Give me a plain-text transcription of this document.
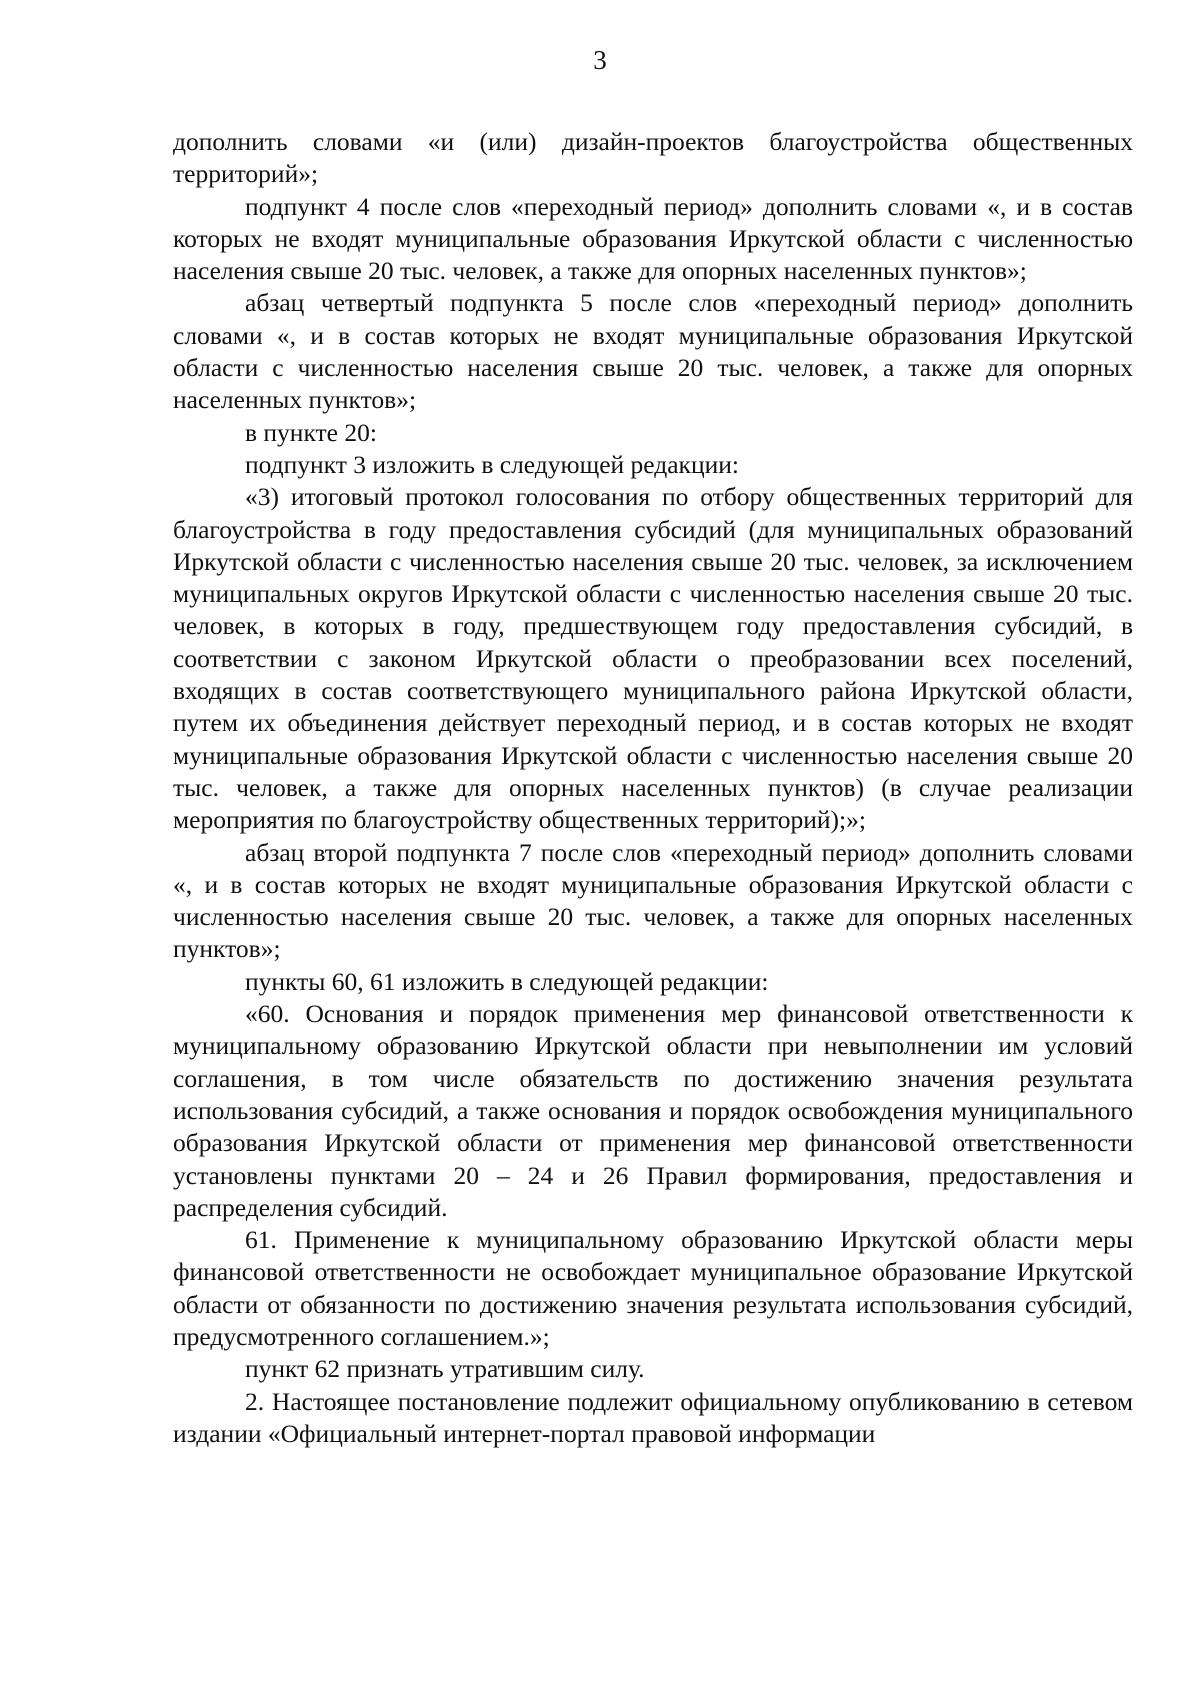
3

дополнить словами «и (или) дизайн-проектов благоустройства общественных территорий»;

подпункт 4 после слов «переходный период» дополнить словами «, и в состав которых не входят муниципальные образования Иркутской области с численностью населения свыше 20 тыс. человек, а также для опорных населенных пунктов»;

абзац четвертый подпункта 5 после слов «переходный период» дополнить словами «, и в состав которых не входят муниципальные образования Иркутской области с численностью населения свыше 20 тыс. человек, а также для опорных населенных пунктов»;

в пункте 20:

подпункт 3 изложить в следующей редакции:

«3) итоговый протокол голосования по отбору общественных территорий для благоустройства в году предоставления субсидий (для муниципальных образований Иркутской области с численностью населения свыше 20 тыс. человек, за исключением муниципальных округов Иркутской области с численностью населения свыше 20 тыс. человек, в которых в году, предшествующем году предоставления субсидий, в соответствии с законом Иркутской области о преобразовании всех поселений, входящих в состав соответствующего муниципального района Иркутской области, путем их объединения действует переходный период, и в состав которых не входят муниципальные образования Иркутской области с численностью населения свыше 20 тыс. человек, а также для опорных населенных пунктов) (в случае реализации мероприятия по благоустройству общественных территорий);»;

абзац второй подпункта 7 после слов «переходный период» дополнить словами «, и в состав которых не входят муниципальные образования Иркутской области с численностью населения свыше 20 тыс. человек, а также для опорных населенных пунктов»;

пункты 60, 61 изложить в следующей редакции:

«60. Основания и порядок применения мер финансовой ответственности к муниципальному образованию Иркутской области при невыполнении им условий соглашения, в том числе обязательств по достижению значения результата использования субсидий, а также основания и порядок освобождения муниципального образования Иркутской области от применения мер финансовой ответственности установлены пунктами 20 – 24 и 26 Правил формирования, предоставления и распределения субсидий.

61. Применение к муниципальному образованию Иркутской области меры финансовой ответственности не освобождает муниципальное образование Иркутской области от обязанности по достижению значения результата использования субсидий, предусмотренного соглашением.»;

пункт 62 признать утратившим силу.

2. Настоящее постановление подлежит официальному опубликованию в сетевом издании «Официальный интернет-портал правовой информации
